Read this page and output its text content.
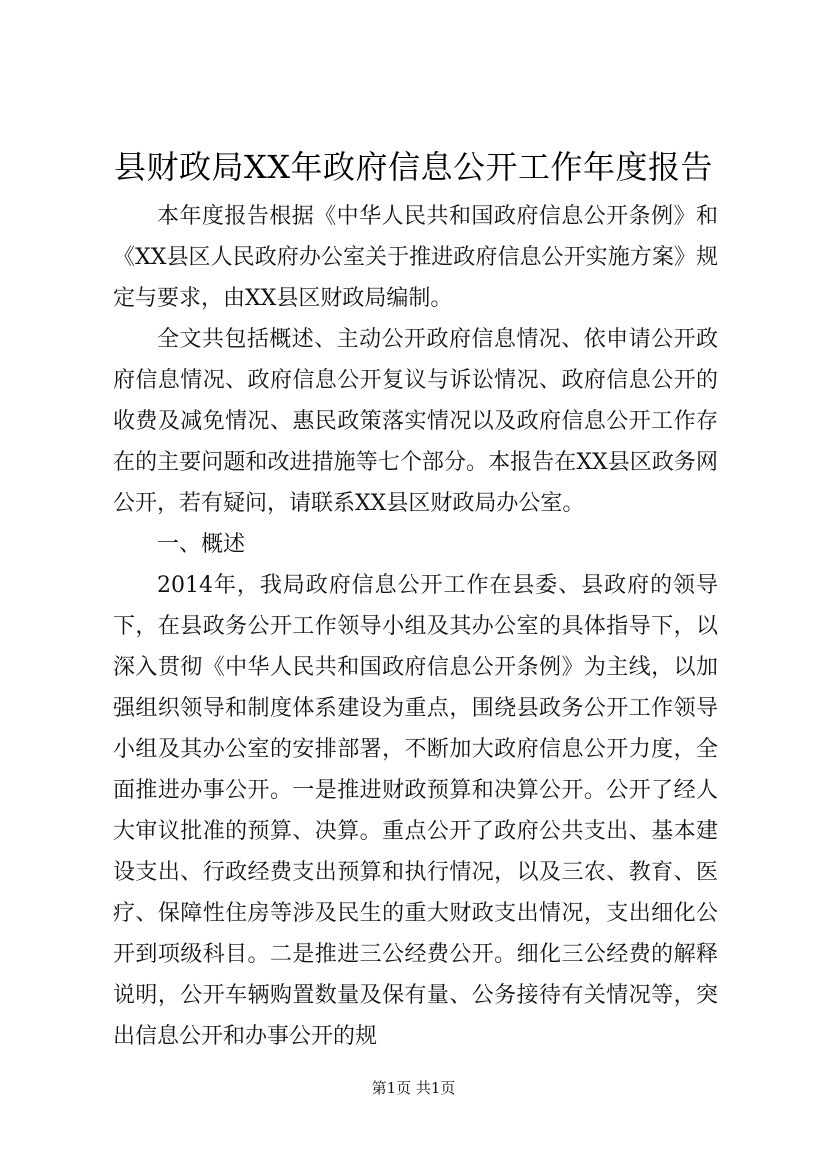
县财政局XX年政府信息公开工作年度报告

本年度报告根据《中华人民共和国政府信息公开条例》和《XX县区人民政府办公室关于推进政府信息公开实施方案》规定与要求，由XX县区财政局编制。

全文共包括概述、主动公开政府信息情况、依申请公开政府信息情况、政府信息公开复议与诉讼情况、政府信息公开的收费及减免情况、惠民政策落实情况以及政府信息公开工作存在的主要问题和改进措施等七个部分。本报告在XX县区政务网公开，若有疑问，请联系XX县区财政局办公室。

一、概述

2014年，我局政府信息公开工作在县委、县政府的领导下，在县政务公开工作领导小组及其办公室的具体指导下，以深入贯彻《中华人民共和国政府信息公开条例》为主线，以加强组织领导和制度体系建设为重点，围绕县政务公开工作领导小组及其办公室的安排部署，不断加大政府信息公开力度，全面推进办事公开。一是推进财政预算和决算公开。公开了经人大审议批准的预算、决算。重点公开了政府公共支出、基本建设支出、行政经费支出预算和执行情况，以及三农、教育、医疗、保障性住房等涉及民生的重大财政支出情况，支出细化公开到项级科目。二是推进三公经费公开。细化三公经费的解释说明，公开车辆购置数量及保有量、公务接待有关情况等，突出信息公开和办事公开的规

第1页 共1页
